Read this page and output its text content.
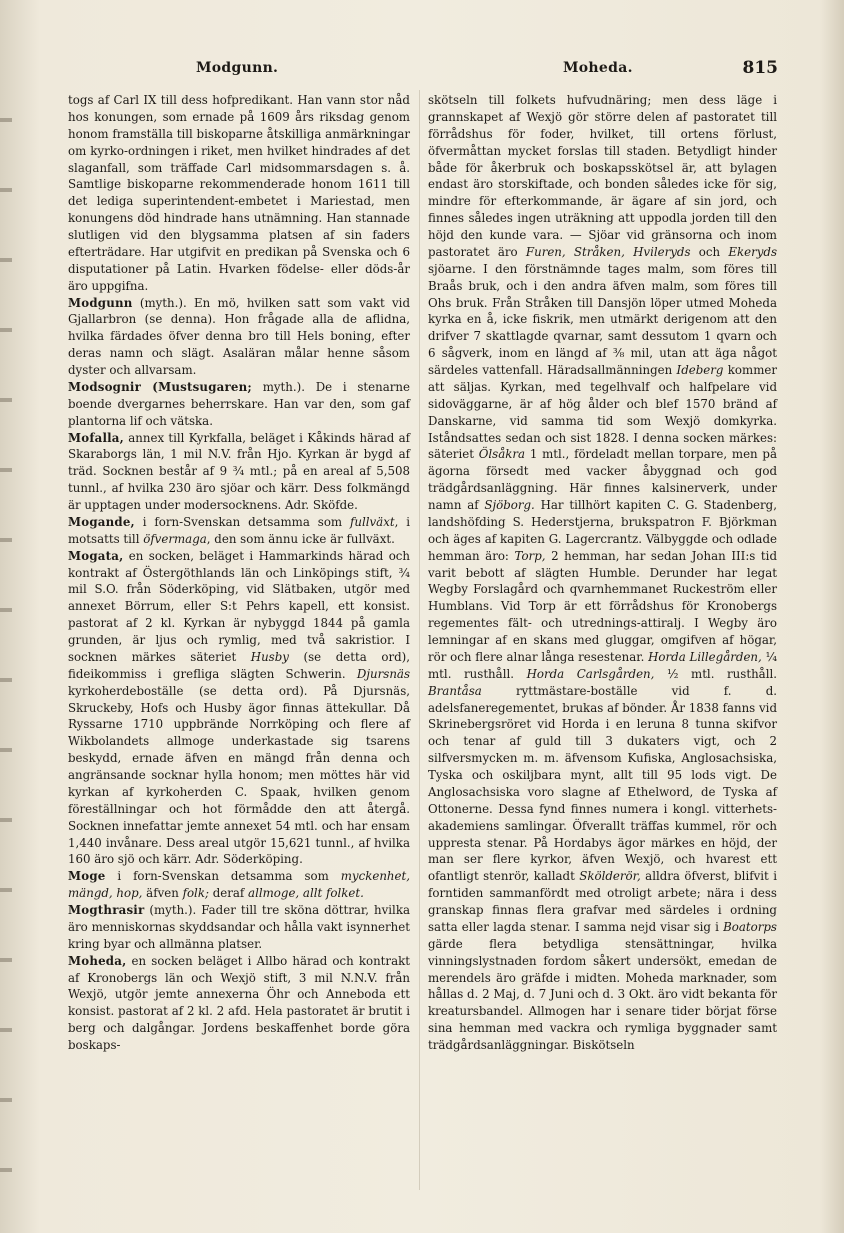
Modgunn.	Moheda.	815

togs af Carl IX till dess hofpredikant. Han vann stor nåd hos konungen, som ernade på 1609 års riksdag genom honom framställa till biskoparne åtskilliga anmärkningar om kyrko-ordningen i riket, men hvilket hindrades af det slaganfall, som träffade Carl midsommarsdagen s. å. Samtlige biskoparne rekommenderade honom 1611 till det lediga superintendent-embetet i Mariestad, men konungens död hindrade hans utnämning. Han stannade slutligen vid den blygsamma platsen af sin faders efterträdare. Har utgifvit en predikan på Svenska och 6 disputationer på Latin. Hvarken födelse- eller döds-år äro uppgifna.

Modgunn (myth.). En mö, hvilken satt som vakt vid Gjallarbron (se denna). Hon frågade alla de aflidna, hvilka färdades öfver denna bro till Hels boning, efter deras namn och slägt. Asaläran målar henne såsom dyster och allvarsam.

Modsognir (Mustsugaren; myth.). De i stenarne boende dvergarnes beherrskare. Han var den, som gaf plantorna lif och vätska.

Mofalla, annex till Kyrkfalla, beläget i Kåkinds härad af Skaraborgs län, 1 mil N.V. från Hjo. Kyrkan är bygd af träd. Socknen består af 9 ¾ mtl.; på en areal af 5,508 tunnl., af hvilka 230 äro sjöar och kärr. Dess folkmängd är upptagen under modersocknens. Adr. Sköfde.

Mogande, i forn-Svenskan detsamma som fullväxt, i motsatts till öfvermaga, den som ännu icke är fullväxt.

Mogata, en socken, beläget i Hammarkinds härad och kontrakt af Östergöthlands län och Linköpings stift, ¾ mil S.O. från Söderköping, vid Slätbaken, utgör med annexet Börrum, eller S:t Pehrs kapell, ett konsist. pastorat af 2 kl. Kyrkan är nybyggd 1844 på gamla grunden, är ljus och rymlig, med två sakristior. I socknen märkes säteriet Husby (se detta ord), fideikommiss i grefliga slägten Schwerin. Djursnäs kyrkoherdeboställe (se detta ord). På Djursnäs, Skruckeby, Hofs och Husby ägor finnas ättekullar. Då Ryssarne 1710 uppbrände Norrköping och flere af Wikbolandets allmoge underkastade sig tsarens beskydd, ernade äfven en mängd från denna och angränsande socknar hylla honom; men möttes här vid kyrkan af kyrkoherden C. Spaak, hvilken genom föreställningar och hot förmådde den att återgå. Socknen innefattar jemte annexet 54 mtl. och har ensam 1,440 invånare. Dess areal utgör 15,621 tunnl., af hvilka 160 äro sjö och kärr. Adr. Söderköping.

Moge i forn-Svenskan detsamma som myckenhet, mängd, hop, äfven folk; deraf allmoge, allt folket.

Mogthrasir (myth.). Fader till tre sköna döttrar, hvilka äro menniskornas skyddsandar och hålla vakt isynnerhet kring byar och allmänna platser.

Moheda, en socken beläget i Allbo härad och kontrakt af Kronobergs län och Wexjö stift, 3 mil N.N.V. från Wexjö, utgör jemte annexerna Öhr och Anneboda ett konsist. pastorat af 2 kl. 2 afd. Hela pastoratet är brutit i berg och dalgångar. Jordens beskaffenhet borde göra boskaps-

skötseln till folkets hufvudnäring; men dess läge i grannskapet af Wexjö gör större delen af pastoratet till förrådshus för foder, hvilket, till ortens förlust, öfvermåttan mycket forslas till staden. Betydligt hinder både för åkerbruk och boskapsskötsel är, att bylagen endast äro storskiftade, och bonden således icke för sig, mindre för efterkommande, är ägare af sin jord, och finnes således ingen uträkning att uppodla jorden till den höjd den kunde vara. — Sjöar vid gränsorna och inom pastoratet äro Furen, Stråken, Hvileryds och Ekeryds sjöarne. I den förstnämnde tages malm, som föres till Braås bruk, och i den andra äfven malm, som föres till Ohs bruk. Från Stråken till Dansjön löper utmed Moheda kyrka en å, icke fiskrik, men utmärkt derigenom att den drifver 7 skattlagde qvarnar, samt dessutom 1 qvarn och 6 sågverk, inom en längd af ⅜ mil, utan att äga något särdeles vattenfall. Häradsallmänningen Ideberg kommer att säljas. Kyrkan, med tegelhvalf och halfpelare vid sidoväggarne, är af hög ålder och blef 1570 bränd af Danskarne, vid samma tid som Wexjö domkyrka. Iståndsattes sedan och sist 1828. I denna socken märkes: säteriet Ölsåkra 1 mtl., fördeladt mellan torpare, men på ägorna försedt med vacker åbyggnad och god trädgårdsanläggning. Här finnes kalsinerverk, under namn af Sjöborg. Har tillhört kapiten C. G. Stadenberg, landshöfding S. Hederstjerna, brukspatron F. Björkman och äges af kapiten G. Lagercrantz. Välbyggde och odlade hemman äro: Torp, 2 hemman, har sedan Johan III:s tid varit bebott af slägten Humble. Derunder har legat Wegby Forslagård och qvarnhemmanet Ruckeström eller Humblans. Vid Torp är ett förrådshus för Kronobergs regementes fält- och utrednings-attiralj. I Wegby äro lemningar af en skans med gluggar, omgifven af högar, rör och flere alnar långa resestenar. Horda Lillegården, ¼ mtl. rusthåll. Horda Carlsgården, ½ mtl. rusthåll. Brantåsa ryttmästare-boställe vid f. d. adelsfaneregementet, brukas af bönder. År 1838 fanns vid Skrinebergsröret vid Horda i en leruna 8 tunna skifvor och tenar af guld till 3 dukaters vigt, och 2 silfversmycken m. m. äfvensom Kufiska, Anglosachsiska, Tyska och oskiljbara mynt, allt till 95 lods vigt. De Anglosachsiska voro slagne af Ethelword, de Tyska af Ottonerne. Dessa fynd finnes numera i kongl. vitterhets-akademiens samlingar. Öfverallt träffas kummel, rör och uppresta stenar. På Hordabys ägor märkes en höjd, der man ser flere kyrkor, äfven Wexjö, och hvarest ett ofantligt stenrör, kalladt Skölderör, alldra öfverst, blifvit i forntiden sammanfördt med otroligt arbete; nära i dess granskap finnas flera grafvar med särdeles i ordning satta eller lagda stenar. I samma nejd visar sig i Boatorps gärde flera betydliga stensättningar, hvilka vinningslystnaden fordom såkert undersökt, emedan de merendels äro gräfde i midten. Moheda marknader, som hållas d. 2 Maj, d. 7 Juni och d. 3 Okt. äro vidt bekanta för kreatursbandel. Allmogen har i senare tider börjat förse sina hemman med vackra och rymliga byggnader samt trädgårdsanläggningar. Biskötseln
